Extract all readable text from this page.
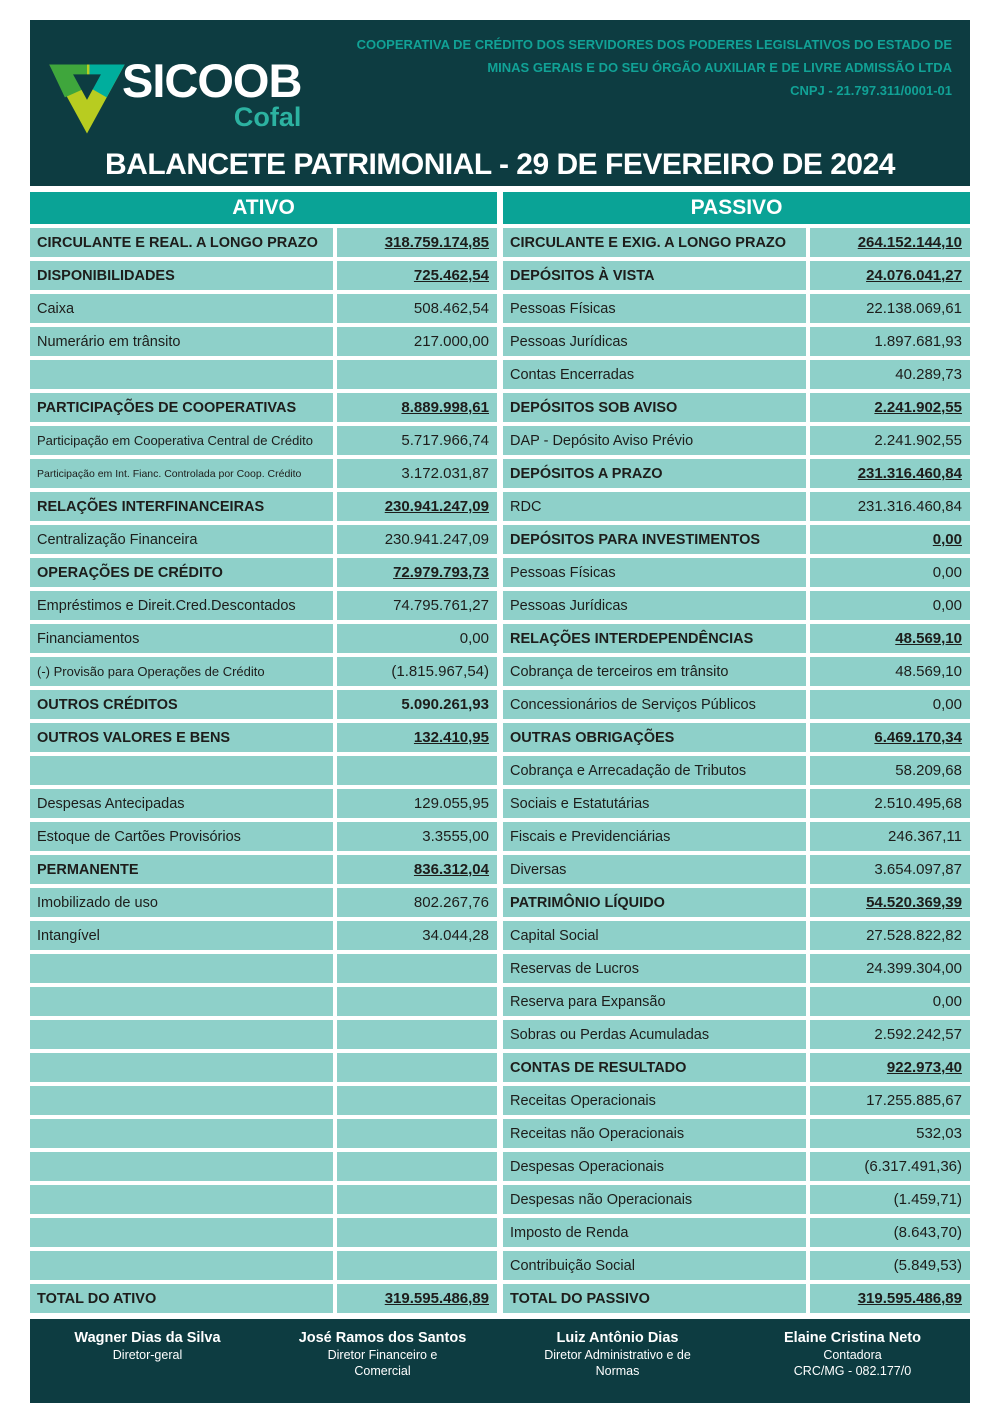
SICOOB
Cofal
COOPERATIVA DE CRÉDITO DOS SERVIDORES DOS PODERES LEGISLATIVOS DO ESTADO DE
MINAS GERAIS E DO SEU ÓRGÃO AUXILIAR E DE LIVRE ADMISSÃO LTDA
CNPJ - 21.797.311/0001-01
BALANCETE PATRIMONIAL - 29 DE FEVEREIRO DE 2024
ATIVO	PASSIVO
CIRCULANTE E REAL. A LONGO PRAZO	318.759.174,85
DISPONIBILIDADES	725.462,54
Caixa	508.462,54
Numerário em trânsito	217.000,00
PARTICIPAÇÕES DE COOPERATIVAS	8.889.998,61
Participação em Cooperativa Central de Crédito	5.717.966,74
Participação em Int. Fianc. Controlada por Coop. Crédito	3.172.031,87
RELAÇÕES INTERFINANCEIRAS	230.941.247,09
Centralização Financeira	230.941.247,09
OPERAÇÕES DE CRÉDITO	72.979.793,73
Empréstimos e Direit.Cred.Descontados	74.795.761,27
Financiamentos	0,00
(-) Provisão para Operações de Crédito	(1.815.967,54)
OUTROS CRÉDITOS	5.090.261,93
OUTROS VALORES E BENS	132.410,95
Despesas Antecipadas	129.055,95
Estoque de Cartões Provisórios	3.3555,00
PERMANENTE	836.312,04
Imobilizado de uso	802.267,76
Intangível	34.044,28
TOTAL DO ATIVO	319.595.486,89
CIRCULANTE E EXIG. A LONGO PRAZO	264.152.144,10
DEPÓSITOS À VISTA	24.076.041,27
Pessoas Físicas	22.138.069,61
Pessoas Jurídicas	1.897.681,93
Contas Encerradas	40.289,73
DEPÓSITOS SOB AVISO	2.241.902,55
DAP - Depósito Aviso Prévio	2.241.902,55
DEPÓSITOS A PRAZO	231.316.460,84
RDC	231.316.460,84
DEPÓSITOS PARA INVESTIMENTOS	0,00
Pessoas Físicas	0,00
Pessoas Jurídicas	0,00
RELAÇÕES INTERDEPENDÊNCIAS	48.569,10
Cobrança de terceiros em trânsito	48.569,10
Concessionários de Serviços Públicos	0,00
OUTRAS OBRIGAÇÕES	6.469.170,34
Cobrança e Arrecadação de Tributos	58.209,68
Sociais e Estatutárias	2.510.495,68
Fiscais e Previdenciárias	246.367,11
Diversas	3.654.097,87
PATRIMÔNIO LÍQUIDO	54.520.369,39
Capital Social	27.528.822,82
Reservas de Lucros	24.399.304,00
Reserva para Expansão	0,00
Sobras ou Perdas Acumuladas	2.592.242,57
CONTAS DE RESULTADO	922.973,40
Receitas Operacionais	17.255.885,67
Receitas não Operacionais	532,03
Despesas Operacionais	(6.317.491,36)
Despesas não Operacionais	(1.459,71)
Imposto de Renda	(8.643,70)
Contribuição Social	(5.849,53)
TOTAL DO PASSIVO	319.595.486,89
Wagner Dias da Silva
Diretor-geral
José Ramos dos Santos
Diretor Financeiro e
Comercial
Luiz Antônio Dias
Diretor Administrativo e de
Normas
Elaine Cristina Neto
Contadora
CRC/MG - 082.177/0
